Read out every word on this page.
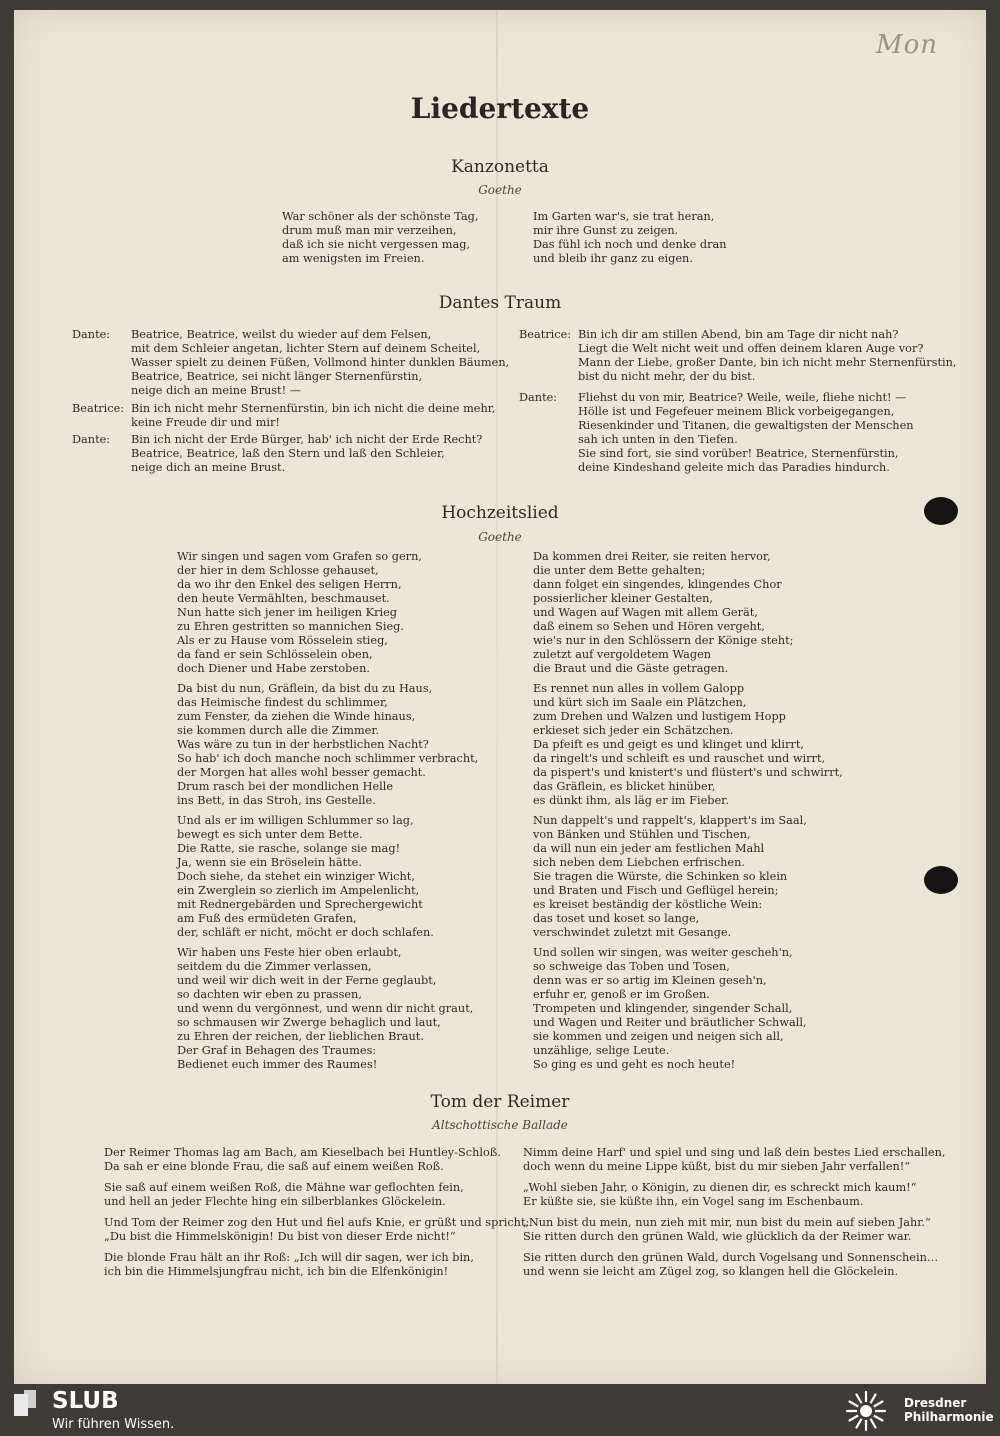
Mon
Liedertexte
Kanzonetta
Goethe
War schöner als der schönste Tag,
drum muß man mir verzeihen,
daß ich sie nicht vergessen mag,
am wenigsten im Freien.
Im Garten war's, sie trat heran,
mir ihre Gunst zu zeigen.
Das fühl ich noch und denke dran
und bleib ihr ganz zu eigen.
Dantes Traum
Dante: Beatrice, Beatrice, weilst du wieder auf dem Felsen,
mit dem Schleier angetan, lichter Stern auf deinem Scheitel,
Wasser spielt zu deinen Füßen, Vollmond hinter dunklen Bäumen,
Beatrice, Beatrice, sei nicht länger Sternenfürstin,
neige dich an meine Brust! —
Beatrice: Bin ich nicht mehr Sternenfürstin, bin ich nicht die deine mehr,
keine Freude dir und mir!
Dante: Bin ich nicht der Erde Bürger, hab' ich nicht der Erde Recht?
Beatrice, Beatrice, laß den Stern und laß den Schleier,
neige dich an meine Brust.
Beatrice: Bin ich dir am stillen Abend, bin am Tage dir nicht nah?
Liegt die Welt nicht weit und offen deinem klaren Auge vor?
Mann der Liebe, großer Dante, bin ich nicht mehr Sternenfürstin,
bist du nicht mehr, der du bist.
Dante: Fliehst du von mir, Beatrice? Weile, weile, fliehe nicht! —
Hölle ist und Fegefeuer meinem Blick vorbeigegangen,
Riesenkinder und Titanen, die gewaltigsten der Menschen
sah ich unten in den Tiefen.
Sie sind fort, sie sind vorüber! Beatrice, Sternenfürstin,
deine Kindeshand geleite mich das Paradies hindurch.
Hochzeitslied
Goethe
Wir singen und sagen vom Grafen so gern,
der hier in dem Schlosse gehauset,
da wo ihr den Enkel des seligen Herrn,
den heute Vermählten, beschmauset.
Nun hatte sich jener im heiligen Krieg
zu Ehren gestritten so mannichen Sieg.
Als er zu Hause vom Rösselein stieg,
da fand er sein Schlösselein oben,
doch Diener und Habe zerstoben.
Da bist du nun, Gräflein, da bist du zu Haus,
das Heimische findest du schlimmer,
zum Fenster, da ziehen die Winde hinaus,
sie kommen durch alle die Zimmer.
Was wäre zu tun in der herbstlichen Nacht?
So hab' ich doch manche noch schlimmer verbracht,
der Morgen hat alles wohl besser gemacht.
Drum rasch bei der mondlichen Helle
ins Bett, in das Stroh, ins Gestelle.
Und als er im willigen Schlummer so lag,
bewegt es sich unter dem Bette.
Die Ratte, sie rasche, solange sie mag!
Ja, wenn sie ein Bröselein hätte.
Doch siehe, da stehet ein winziger Wicht,
ein Zwerglein so zierlich im Ampelenlicht,
mit Rednergebärden und Sprechergewicht
am Fuß des ermüdeten Grafen,
der, schläft er nicht, möcht er doch schlafen.
Wir haben uns Feste hier oben erlaubt,
seitdem du die Zimmer verlassen,
und weil wir dich weit in der Ferne geglaubt,
so dachten wir eben zu prassen,
und wenn du vergönnest, und wenn dir nicht graut,
so schmausen wir Zwerge behaglich und laut,
zu Ehren der reichen, der lieblichen Braut.
Der Graf in Behagen des Traumes:
Bedienet euch immer des Raumes!
Da kommen drei Reiter, sie reiten hervor,
die unter dem Bette gehalten;
dann folget ein singendes, klingendes Chor
possierlicher kleiner Gestalten,
und Wagen auf Wagen mit allem Gerät,
daß einem so Sehen und Hören vergeht,
wie's nur in den Schlössern der Könige steht;
zuletzt auf vergoldetem Wagen
die Braut und die Gäste getragen.
Es rennet nun alles in vollem Galopp
und kürt sich im Saale ein Plätzchen,
zum Drehen und Walzen und lustigem Hopp
erkieset sich jeder ein Schätzchen.
Da pfeift es und geigt es und klinget und klirrt,
da ringelt's und schleift es und rauschet und wirrt,
da pispert's und knistert's und flüstert's und schwirrt,
das Gräflein, es blicket hinüber,
es dünkt ihm, als läg er im Fieber.
Nun dappelt's und rappelt's, klappert's im Saal,
von Bänken und Stühlen und Tischen,
da will nun ein jeder am festlichen Mahl
sich neben dem Liebchen erfrischen.
Sie tragen die Würste, die Schinken so klein
und Braten und Fisch und Geflügel herein;
es kreiset beständig der köstliche Wein:
das toset und koset so lange,
verschwindet zuletzt mit Gesange.
Und sollen wir singen, was weiter gescheh'n,
so schweige das Toben und Tosen,
denn was er so artig im Kleinen geseh'n,
erfuhr er, genoß er im Großen.
Trompeten und klingender, singender Schall,
und Wagen und Reiter und bräutlicher Schwall,
sie kommen und zeigen und neigen sich all,
unzählige, selige Leute.
So ging es und geht es noch heute!
Tom der Reimer
Altschottische Ballade
Der Reimer Thomas lag am Bach, am Kieselbach bei Huntley-Schloß.
Da sah er eine blonde Frau, die saß auf einem weißen Roß.
Sie saß auf einem weißen Roß, die Mähne war geflochten fein,
und hell an jeder Flechte hing ein silberblankes Glöckelein.
Und Tom der Reimer zog den Hut und fiel aufs Knie, er grüßt und spricht:
„Du bist die Himmelskönigin! Du bist von dieser Erde nicht!“
Die blonde Frau hält an ihr Roß: „Ich will dir sagen, wer ich bin,
ich bin die Himmelsjungfrau nicht, ich bin die Elfenkönigin!
Nimm deine Harf' und spiel und sing und laß dein bestes Lied erschallen,
doch wenn du meine Lippe küßt, bist du mir sieben Jahr verfallen!“
„Wohl sieben Jahr, o Königin, zu dienen dir, es schreckt mich kaum!“
Er küßte sie, sie küßte ihn, ein Vogel sang im Eschenbaum.
„Nun bist du mein, nun zieh mit mir, nun bist du mein auf sieben Jahr.“
Sie ritten durch den grünen Wald, wie glücklich da der Reimer war.
Sie ritten durch den grünen Wald, durch Vogelsang und Sonnenschein…
und wenn sie leicht am Zügel zog, so klangen hell die Glöckelein.
SLUB
Wir führen Wissen.
Dresdner
Philharmonie
